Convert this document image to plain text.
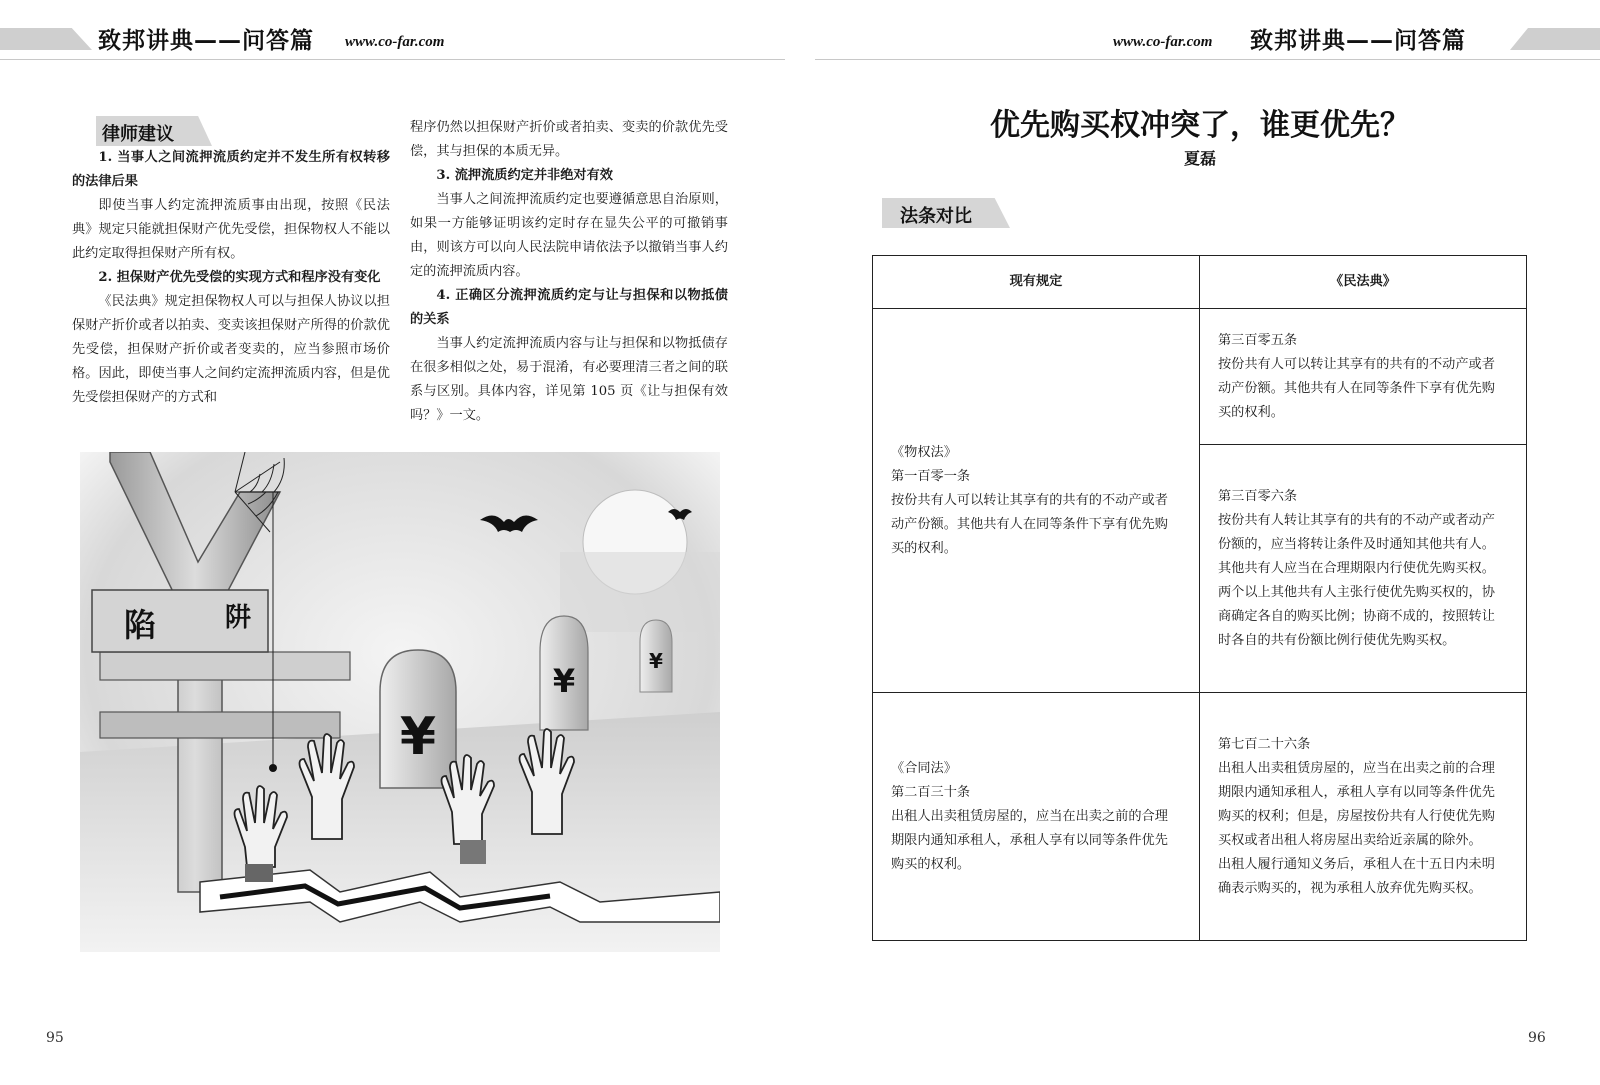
致邦讲典——问答篇 www.co-far.com	www.co-far.com 致邦讲典——问答篇
律师建议

1. 当事人之间流押流质约定并不发生所有权转移的法律后果

即使当事人约定流押流质事由出现，按照《民法典》规定只能就担保财产优先受偿，担保物权人不能以此约定取得担保财产所有权。

2. 担保财产优先受偿的实现方式和程序没有变化

《民法典》规定担保物权人可以与担保人协议以担保财产折价或者以拍卖、变卖该担保财产所得的价款优先受偿，担保财产折价或者变卖的，应当参照市场价格。因此，即使当事人之间约定流押流质内容，但是优先受偿担保财产的方式和

程序仍然以担保财产折价或者拍卖、变卖的价款优先受偿，其与担保的本质无异。

3. 流押流质约定并非绝对有效

当事人之间流押流质约定也要遵循意思自治原则，如果一方能够证明该约定时存在显失公平的可撤销事由，则该方可以向人民法院申请依法予以撤销当事人约定的流押流质内容。

4. 正确区分流押流质约定与让与担保和以物抵债的关系

当事人约定流押流质内容与让与担保和以物抵债存在很多相似之处，易于混淆，有必要理清三者之间的联系与区别。具体内容，详见第 105 页《让与担保有效吗？》一文。

¥
¥
¥
陷	阱
95
优先购买权冲突了，谁更优先？
夏磊
法条对比
现有规定	《民法典》

《物权法》
第一百零一条
按份共有人可以转让其享有的共有的不动产或者动产份额。其他共有人在同等条件下享有优先购买的权利。	第三百零五条
按份共有人可以转让其享有的共有的不动产或者动产份额。其他共有人在同等条件下享有优先购买的权利。

	第三百零六条
按份共有人转让其享有的共有的不动产或者动产份额的，应当将转让条件及时通知其他共有人。其他共有人应当在合理期限内行使优先购买权。
两个以上其他共有人主张行使优先购买权的，协商确定各自的购买比例；协商不成的，按照转让时各自的共有份额比例行使优先购买权。

《合同法》
第二百三十条
出租人出卖租赁房屋的，应当在出卖之前的合理期限内通知承租人，承租人享有以同等条件优先购买的权利。	第七百二十六条
出租人出卖租赁房屋的，应当在出卖之前的合理期限内通知承租人，承租人享有以同等条件优先购买的权利；但是，房屋按份共有人行使优先购买权或者出租人将房屋出卖给近亲属的除外。
出租人履行通知义务后，承租人在十五日内未明确表示购买的，视为承租人放弃优先购买权。
96
